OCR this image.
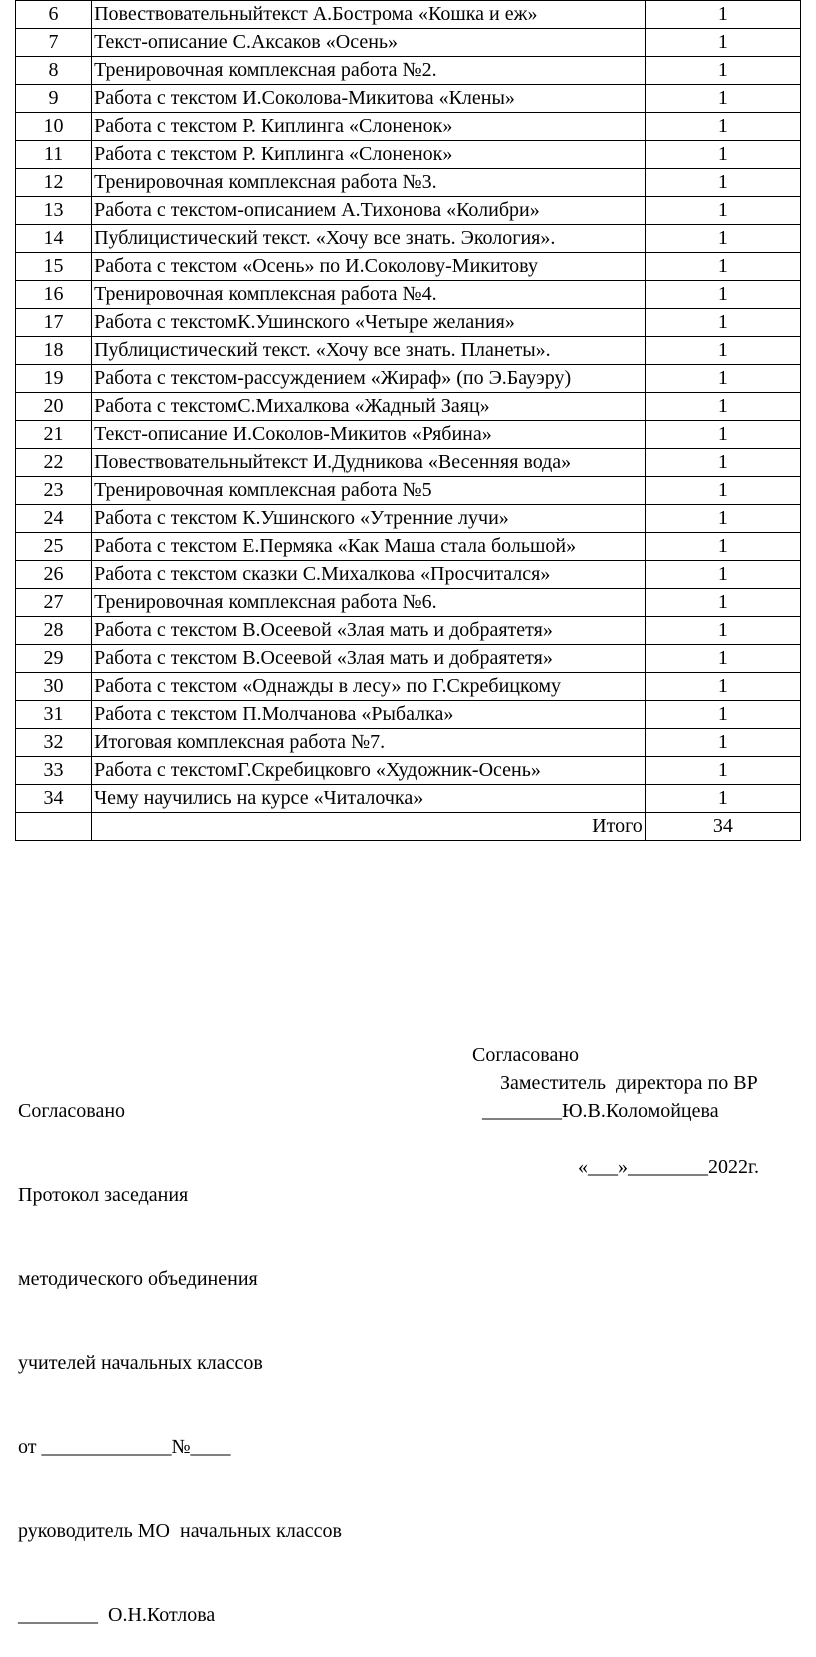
6	Повествовательныйтекст А.Бострома «Кошка и еж»	1
7	Текст-описание С.Аксаков «Осень»	1
8	Тренировочная комплексная работа №2.	1
9	Работа с текстом И.Соколова-Микитова «Клены»	1
10	Работа с текстом Р. Киплинга «Слоненок»	1
11	Работа с текстом Р. Киплинга «Слоненок»	1
12	Тренировочная комплексная работа №3.	1
13	Работа с текстом-описанием А.Тихонова «Колибри»	1
14	Публицистический текст. «Хочу все знать. Экология».	1
15	Работа с текстом «Осень» по И.Соколову-Микитову	1
16	Тренировочная комплексная работа №4.	1
17	Работа с текстомК.Ушинского «Четыре желания»	1
18	Публицистический текст. «Хочу все знать. Планеты».	1
19	Работа с текстом-рассуждением «Жираф» (по Э.Бауэру)	1
20	Работа с текстомС.Михалкова «Жадный Заяц»	1
21	Текст-описание И.Соколов-Микитов «Рябина»	1
22	Повествовательныйтекст И.Дудникова «Весенняя вода»	1
23	Тренировочная комплексная работа №5	1
24	Работа с текстом К.Ушинского «Утренние лучи»	1
25	Работа с текстом Е.Пермяка «Как Маша стала большой»	1
26	Работа с текстом сказки С.Михалкова «Просчитался»	1
27	Тренировочная комплексная работа №6.	1
28	Работа с текстом В.Осеевой «Злая мать и добраятетя»	1
29	Работа с текстом В.Осеевой «Злая мать и добраятетя»	1
30	Работа с текстом «Однажды в лесу» по Г.Скребицкому	1
31	Работа с текстом П.Молчанова «Рыбалка»	1
32	Итоговая комплексная работа №7.	1
33	Работа с текстомГ.Скребицковго «Художник-Осень»	1
34	Чему научились на курсе «Читалочка»	1
	Итого	34

Согласовано

Протокол заседания

методического объединения

учителей начальных классов

от _____________№____

руководитель МО  начальных классов

________  О.Н.Котлова

Согласовано
Заместитель  директора по ВР
________Ю.В.Коломойцева
«___»________2022г.
